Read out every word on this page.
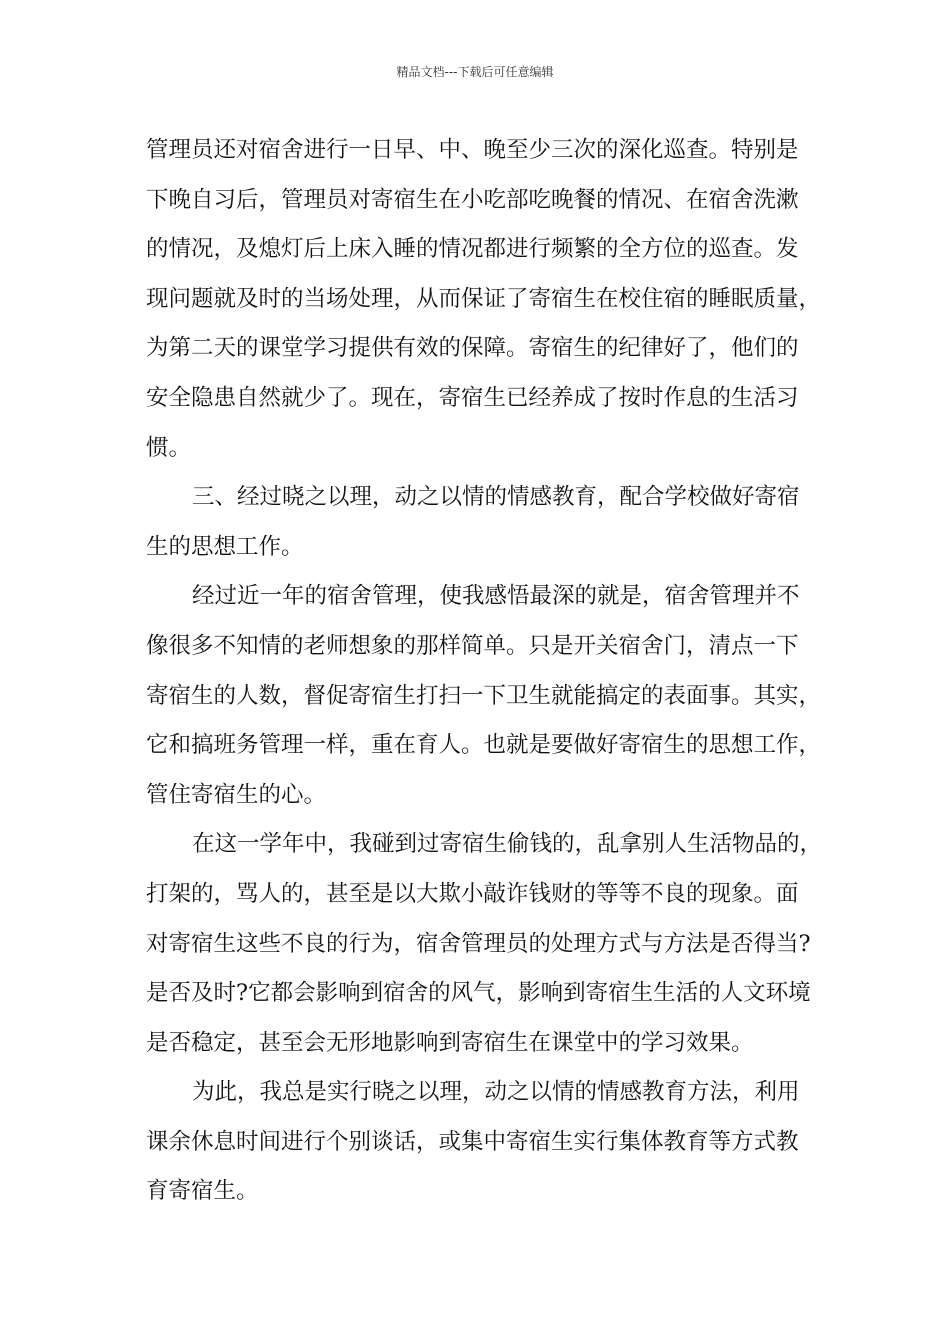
精品文档---下载后可任意编辑
管理员还对宿舍进行一日早、中、晚至少三次的深化巡查。特别是
下晚自习后，管理员对寄宿生在小吃部吃晚餐的情况、在宿舍洗漱
的情况，及熄灯后上床入睡的情况都进行频繁的全方位的巡查。发
现问题就及时的当场处理，从而保证了寄宿生在校住宿的睡眠质量，
为第二天的课堂学习提供有效的保障。寄宿生的纪律好了，他们的
安全隐患自然就少了。现在，寄宿生已经养成了按时作息的生活习
惯。
三、经过晓之以理，动之以情的情感教育，配合学校做好寄宿
生的思想工作。
经过近一年的宿舍管理，使我感悟最深的就是，宿舍管理并不
像很多不知情的老师想象的那样简单。只是开关宿舍门，清点一下
寄宿生的人数，督促寄宿生打扫一下卫生就能搞定的表面事。其实，
它和搞班务管理一样，重在育人。也就是要做好寄宿生的思想工作，
管住寄宿生的心。
在这一学年中，我碰到过寄宿生偷钱的，乱拿别人生活物品的，
打架的，骂人的，甚至是以大欺小敲诈钱财的等等不良的现象。面
对寄宿生这些不良的行为，宿舍管理员的处理方式与方法是否得当?
是否及时?它都会影响到宿舍的风气，影响到寄宿生生活的人文环境
是否稳定，甚至会无形地影响到寄宿生在课堂中的学习效果。
为此，我总是实行晓之以理，动之以情的情感教育方法，利用
课余休息时间进行个别谈话，或集中寄宿生实行集体教育等方式教
育寄宿生。
